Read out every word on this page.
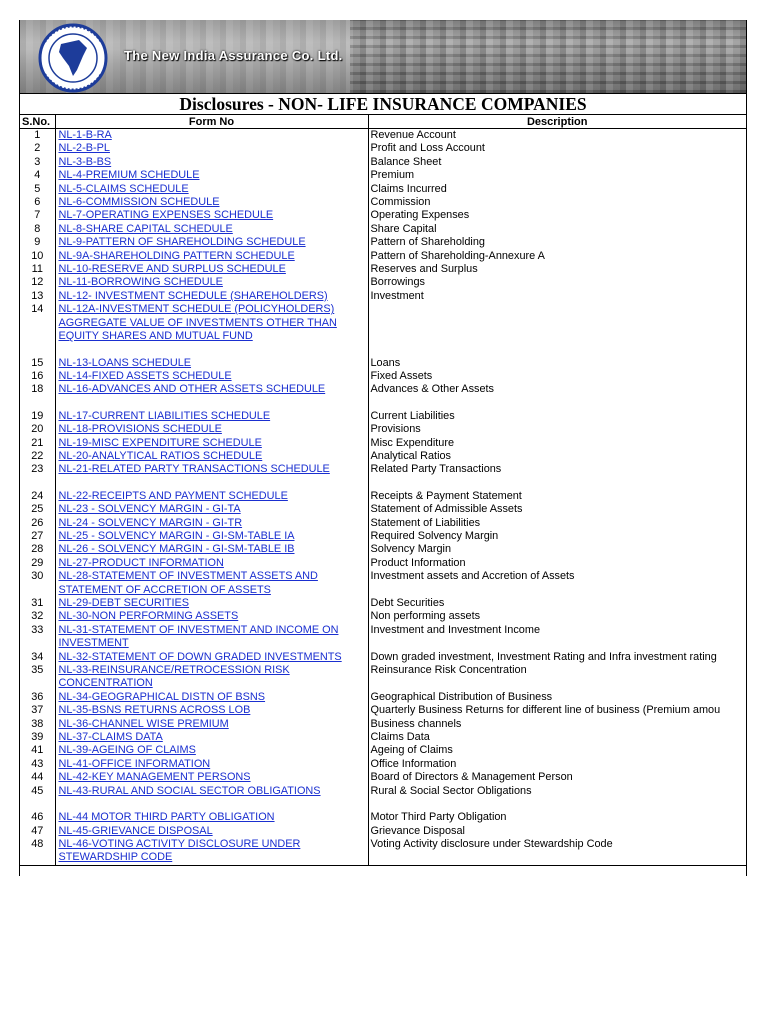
The New India Assurance Co. Ltd.
Disclosures - NON- LIFE INSURANCE COMPANIES
S.No.	Form No	Description
1	NL-1-B-RA	Revenue Account
2	NL-2-B-PL	Profit and Loss Account
3	NL-3-B-BS	Balance Sheet
4	NL-4-PREMIUM SCHEDULE	Premium
5	NL-5-CLAIMS SCHEDULE	Claims Incurred
6	NL-6-COMMISSION SCHEDULE	Commission
7	NL-7-OPERATING EXPENSES SCHEDULE	Operating Expenses
8	NL-8-SHARE CAPITAL SCHEDULE	Share Capital
9	NL-9-PATTERN OF SHAREHOLDING SCHEDULE	Pattern of Shareholding
10	NL-9A-SHAREHOLDING PATTERN SCHEDULE	Pattern of Shareholding-Annexure A
11	NL-10-RESERVE AND SURPLUS SCHEDULE	Reserves and Surplus
12	NL-11-BORROWING SCHEDULE	Borrowings
13	NL-12- INVESTMENT SCHEDULE (SHAREHOLDERS)	Investment
14	NL-12A-INVESTMENT SCHEDULE (POLICYHOLDERS)
AGGREGATE VALUE OF INVESTMENTS OTHER THAN
EQUITY SHARES AND MUTUAL FUND	

15	NL-13-LOANS SCHEDULE	Loans
16	NL-14-FIXED ASSETS SCHEDULE	Fixed Assets
18	NL-16-ADVANCES AND OTHER ASSETS SCHEDULE	Advances & Other Assets

19	NL-17-CURRENT LIABILITIES SCHEDULE	Current Liabilities
20	NL-18-PROVISIONS SCHEDULE	Provisions
21	NL-19-MISC EXPENDITURE SCHEDULE	Misc Expenditure
22	NL-20-ANALYTICAL RATIOS SCHEDULE	Analytical Ratios
23	NL-21-RELATED PARTY TRANSACTIONS SCHEDULE	Related Party Transactions

24	NL-22-RECEIPTS AND PAYMENT SCHEDULE	Receipts & Payment Statement
25	NL-23 - SOLVENCY MARGIN - GI-TA	Statement of Admissible Assets
26	NL-24 - SOLVENCY MARGIN - GI-TR	Statement of Liabilities
27	NL-25 - SOLVENCY MARGIN - GI-SM-TABLE IA	Required Solvency Margin
28	NL-26 - SOLVENCY MARGIN - GI-SM-TABLE IB	Solvency Margin
29	NL-27-PRODUCT INFORMATION	Product Information
30	NL-28-STATEMENT OF INVESTMENT ASSETS AND
STATEMENT OF ACCRETION OF ASSETS	Investment assets and Accretion of Assets
31	NL-29-DEBT SECURITIES	Debt Securities
32	NL-30-NON PERFORMING ASSETS	Non performing assets
33	NL-31-STATEMENT OF INVESTMENT AND INCOME ON
INVESTMENT	Investment and Investment Income
34	NL-32-STATEMENT OF DOWN GRADED INVESTMENTS	Down graded investment, Investment Rating and Infra investment rating
35	NL-33-REINSURANCE/RETROCESSION RISK
CONCENTRATION	Reinsurance Risk Concentration
36	NL-34-GEOGRAPHICAL DISTN OF BSNS	Geographical Distribution of Business
37	NL-35-BSNS RETURNS ACROSS LOB	Quarterly Business Returns for different line of business (Premium amou
38	NL-36-CHANNEL WISE PREMIUM	Business channels
39	NL-37-CLAIMS DATA	Claims Data
41	NL-39-AGEING OF CLAIMS	Ageing of Claims
43	NL-41-OFFICE INFORMATION	Office Information
44	NL-42-KEY MANAGEMENT PERSONS	Board of Directors & Management Person
45	NL-43-RURAL AND SOCIAL SECTOR OBLIGATIONS	Rural & Social Sector Obligations

46	NL-44 MOTOR THIRD PARTY OBLIGATION	Motor Third Party Obligation
47	NL-45-GRIEVANCE DISPOSAL	Grievance Disposal
48	NL-46-VOTING ACTIVITY DISCLOSURE UNDER
STEWARDSHIP CODE	Voting Activity disclosure under Stewardship Code
